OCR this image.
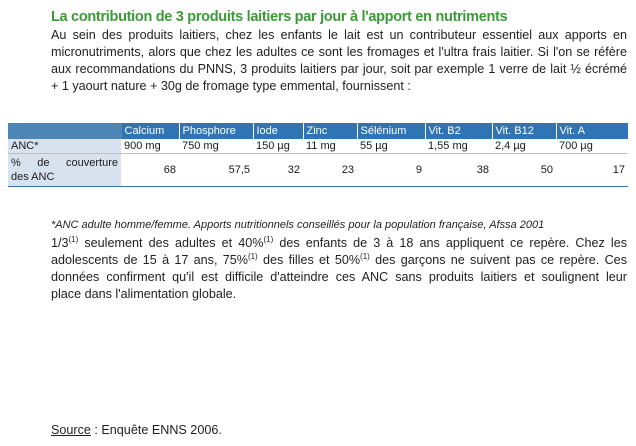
La contribution de 3 produits laitiers par jour à l'apport en nutriments
Au sein des produits laitiers, chez les enfants le lait est un contributeur essentiel aux apports en
micronutriments, alors que chez les adultes ce sont les fromages et l'ultra frais laitier. Si l'on se réfère
aux recommandations du PNNS, 3 produits laitiers par jour, soit par exemple 1 verre de lait ½ écrémé
+ 1 yaourt nature + 30g de fromage type emmental, fournissent :
	Calcium	Phosphore	Iode	Zinc	Sélénium	Vit. B2	Vit. B12	Vit. A
ANC*	900 mg	750 mg	150 µg	11 mg	55 µg	1,55 mg	2,4 µg	700 µg

% de couverture
des ANC	68	57,5	32	23	9	38	50	17
*ANC adulte homme/femme. Apports nutritionnels conseillés pour la population française, Afssa 2001
1/3$^{(1)}$ seulement des adultes et 40%$^{(1)}$ des enfants de 3 à 18 ans appliquent ce repère. Chez les
adolescents de 15 à 17 ans, 75%$^{(1)}$ des filles et 50%$^{(1)}$ des garçons ne suivent pas ce repère. Ces
données confirment qu'il est difficile d'atteindre ces ANC sans produits laitiers et soulignent leur
place dans l'alimentation globale.
Source : Enquête ENNS 2006.
